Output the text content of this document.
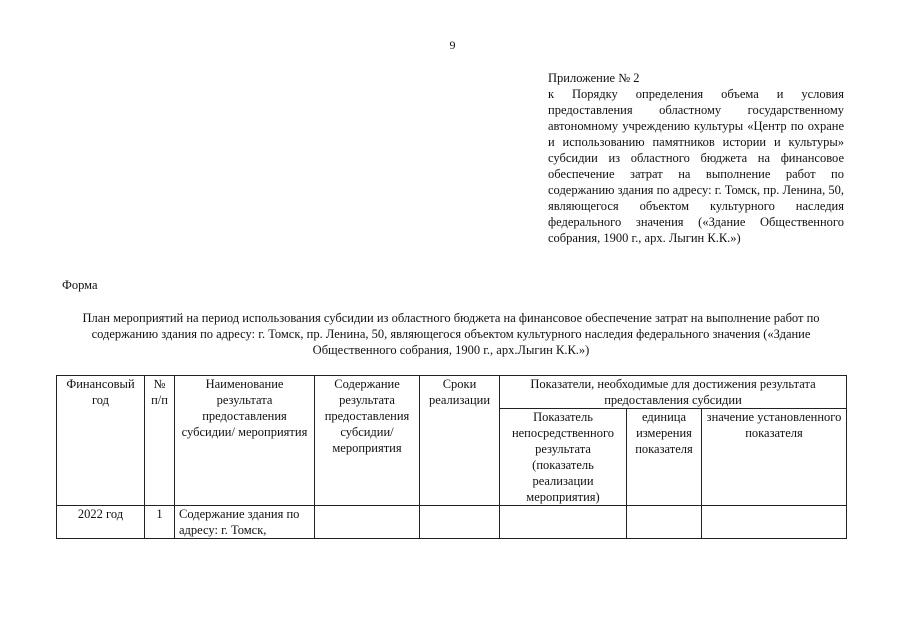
9
Приложение № 2
к Порядку определения объема и условия предоставления областному государственному автономному учреждению культуры «Центр по охране и использованию памятников истории и культуры» субсидии из областного бюджета на финансовое обеспечение затрат на выполнение работ по содержанию здания по адресу: г. Томск, пр. Ленина, 50, являющегося объектом культурного наследия федерального значения («Здание Общественного собрания, 1900 г., арх. Лыгин К.К.»)
Форма
План мероприятий на период использования субсидии из областного бюджета на финансовое обеспечение затрат на выполнение работ по содержанию здания по адресу: г. Томск, пр. Ленина, 50, являющегося объектом культурного наследия федерального значения («Здание Общественного собрания, 1900 г., арх.Лыгин К.К.»)
Финансовый год	№ п/п	Наименование результата предоставления субсидии/ мероприятия	Содержание результата предоставления субсидии/ мероприятия	Сроки реализации	Показатели, необходимые для достижения результата предоставления субсидии		
					Показатель непосредственного результата (показатель реализации мероприятия)	единица измерения показателя	значение установленного показателя
2022 год	1	Содержание здания по адресу: г. Томск,					
